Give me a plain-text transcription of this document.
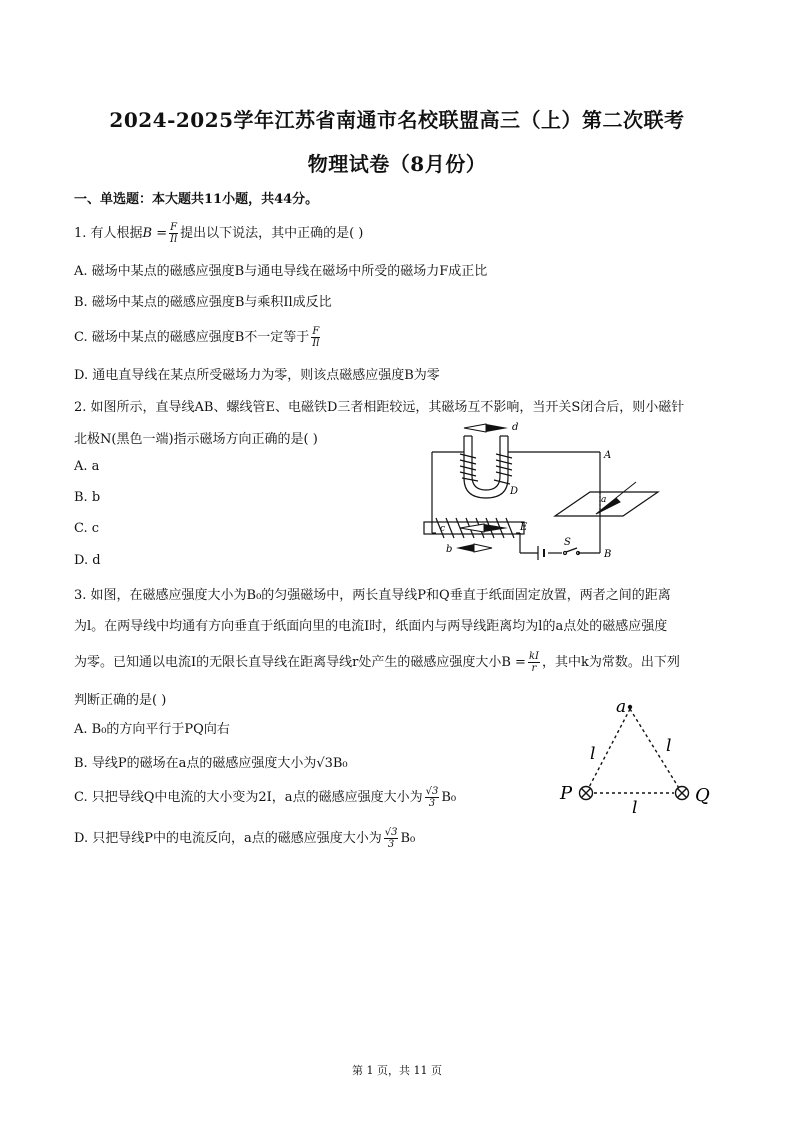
2024-2025学年江苏省南通市名校联盟高三（上）第二次联考
物理试卷（8月份）
一、单选题：本大题共11小题，共44分。
1. 有人根据$B = \frac{F}{Il}$ 提出以下说法，其中正确的是( )
A. 磁场中某点的磁感应强度B与通电导线在磁场中所受的磁场力F成正比
B. 磁场中某点的磁感应强度B与乘积Il成反比
C. 磁场中某点的磁感应强度B不一定等于 $\frac{F}{Il}$
D. 通电直导线在某点所受磁场力为零，则该点磁感应强度B为零
2. 如图所示，直导线AB、螺线管E、电磁铁D三者相距较远，其磁场互不影响，当开关S闭合后，则小磁针
北极N(黑色一端)指示磁场方向正确的是( )
A. a
B. b
C. c
D. d
d
A
D
a
c	E
b
S
B
3. 如图，在磁感应强度大小为B₀的匀强磁场中，两长直导线P和Q垂直于纸面固定放置，两者之间的距离
为l。在两导线中均通有方向垂直于纸面向里的电流I时，纸面内与两导线距离均为l的a点处的磁感应强度
为零。已知通以电流I的无限长直导线在距离导线r处产生的磁感应强度大小$B = \frac{kI}{r}$ ，其中k为常数。出下列
判断正确的是( )
A. B₀的方向平行于PQ向右
B. 导线P的磁场在a点的磁感应强度大小为√3B₀
C. 只把导线Q中电流的大小变为2I，a点的磁感应强度大小为 $\frac{√3}{3} B_0$
D. 只把导线P中的电流反向，a点的磁感应强度大小为 $\frac{√3}{3} B_0$
a
P	Q
l	l
l
第 1 页，共 11 页
